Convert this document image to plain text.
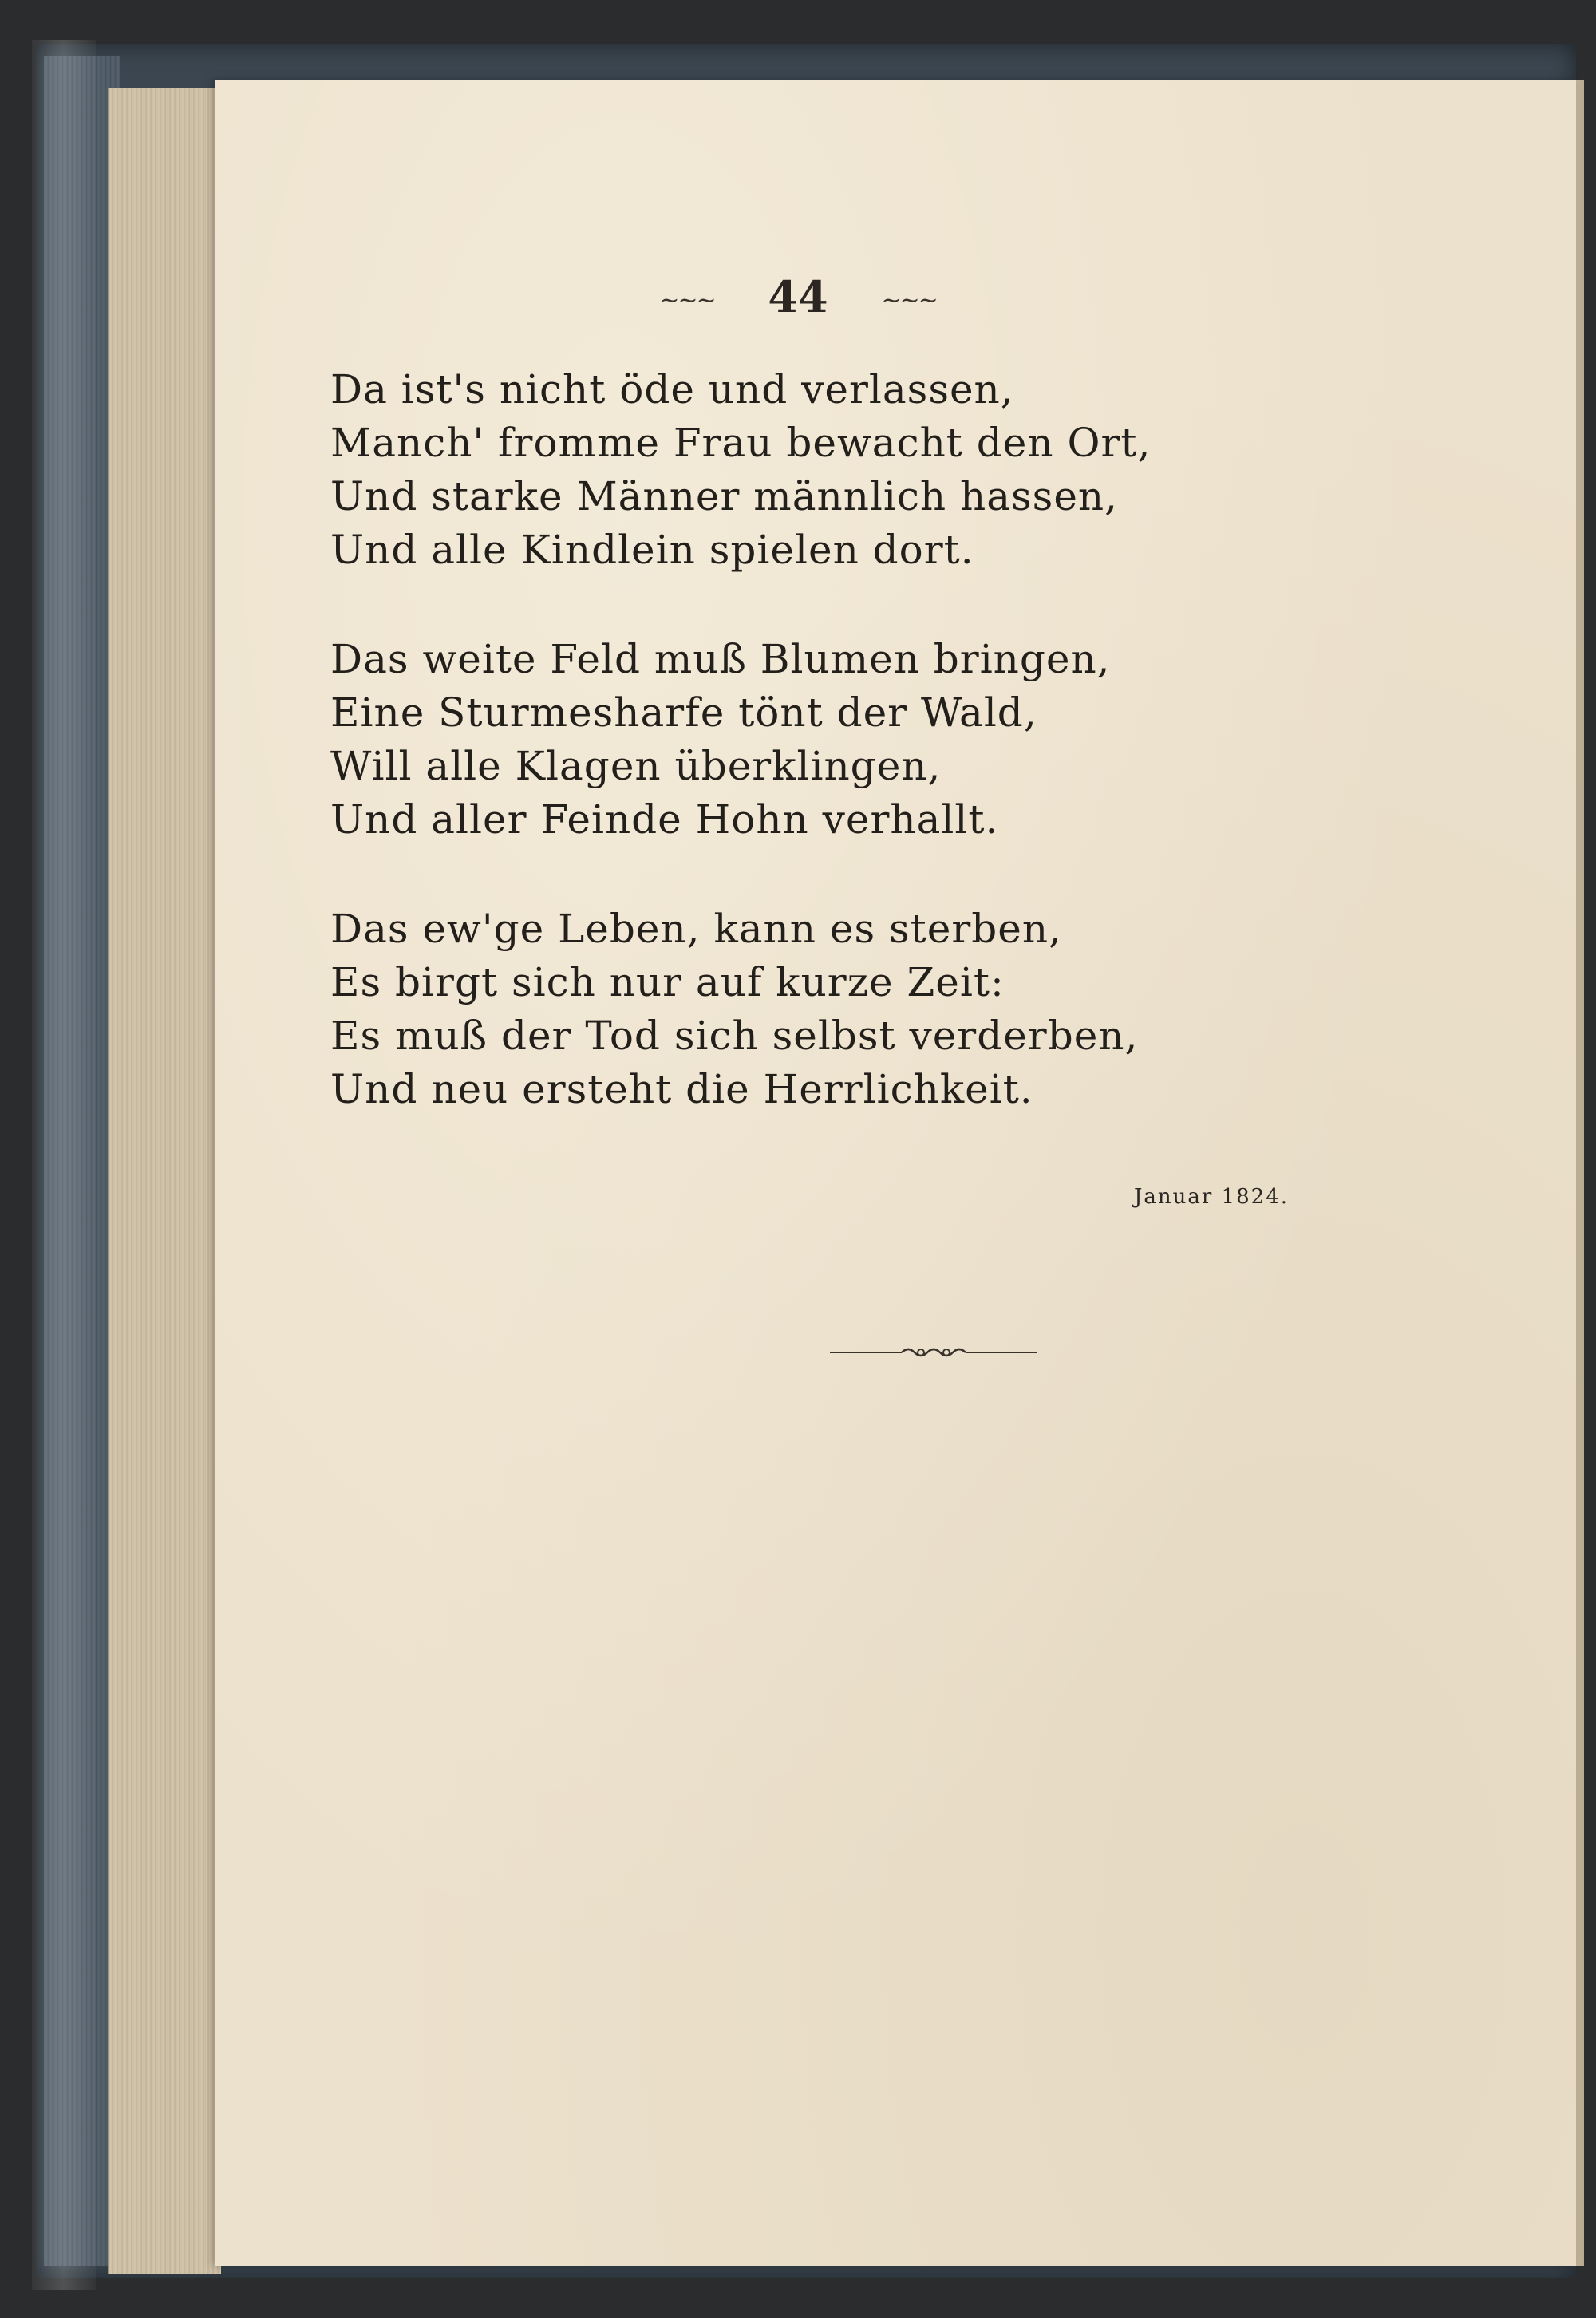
~~~ 44 ~~~
Da ist's nicht öde und verlassen,
Manch' fromme Frau bewacht den Ort,
Und starke Männer männlich hassen,
Und alle Kindlein spielen dort.
Das weite Feld muß Blumen bringen,
Eine Sturmesharfe tönt der Wald,
Will alle Klagen überklingen,
Und aller Feinde Hohn verhallt.
Das ew'ge Leben, kann es sterben,
Es birgt sich nur auf kurze Zeit:
Es muß der Tod sich selbst verderben,
Und neu ersteht die Herrlichkeit.
Januar 1824.
